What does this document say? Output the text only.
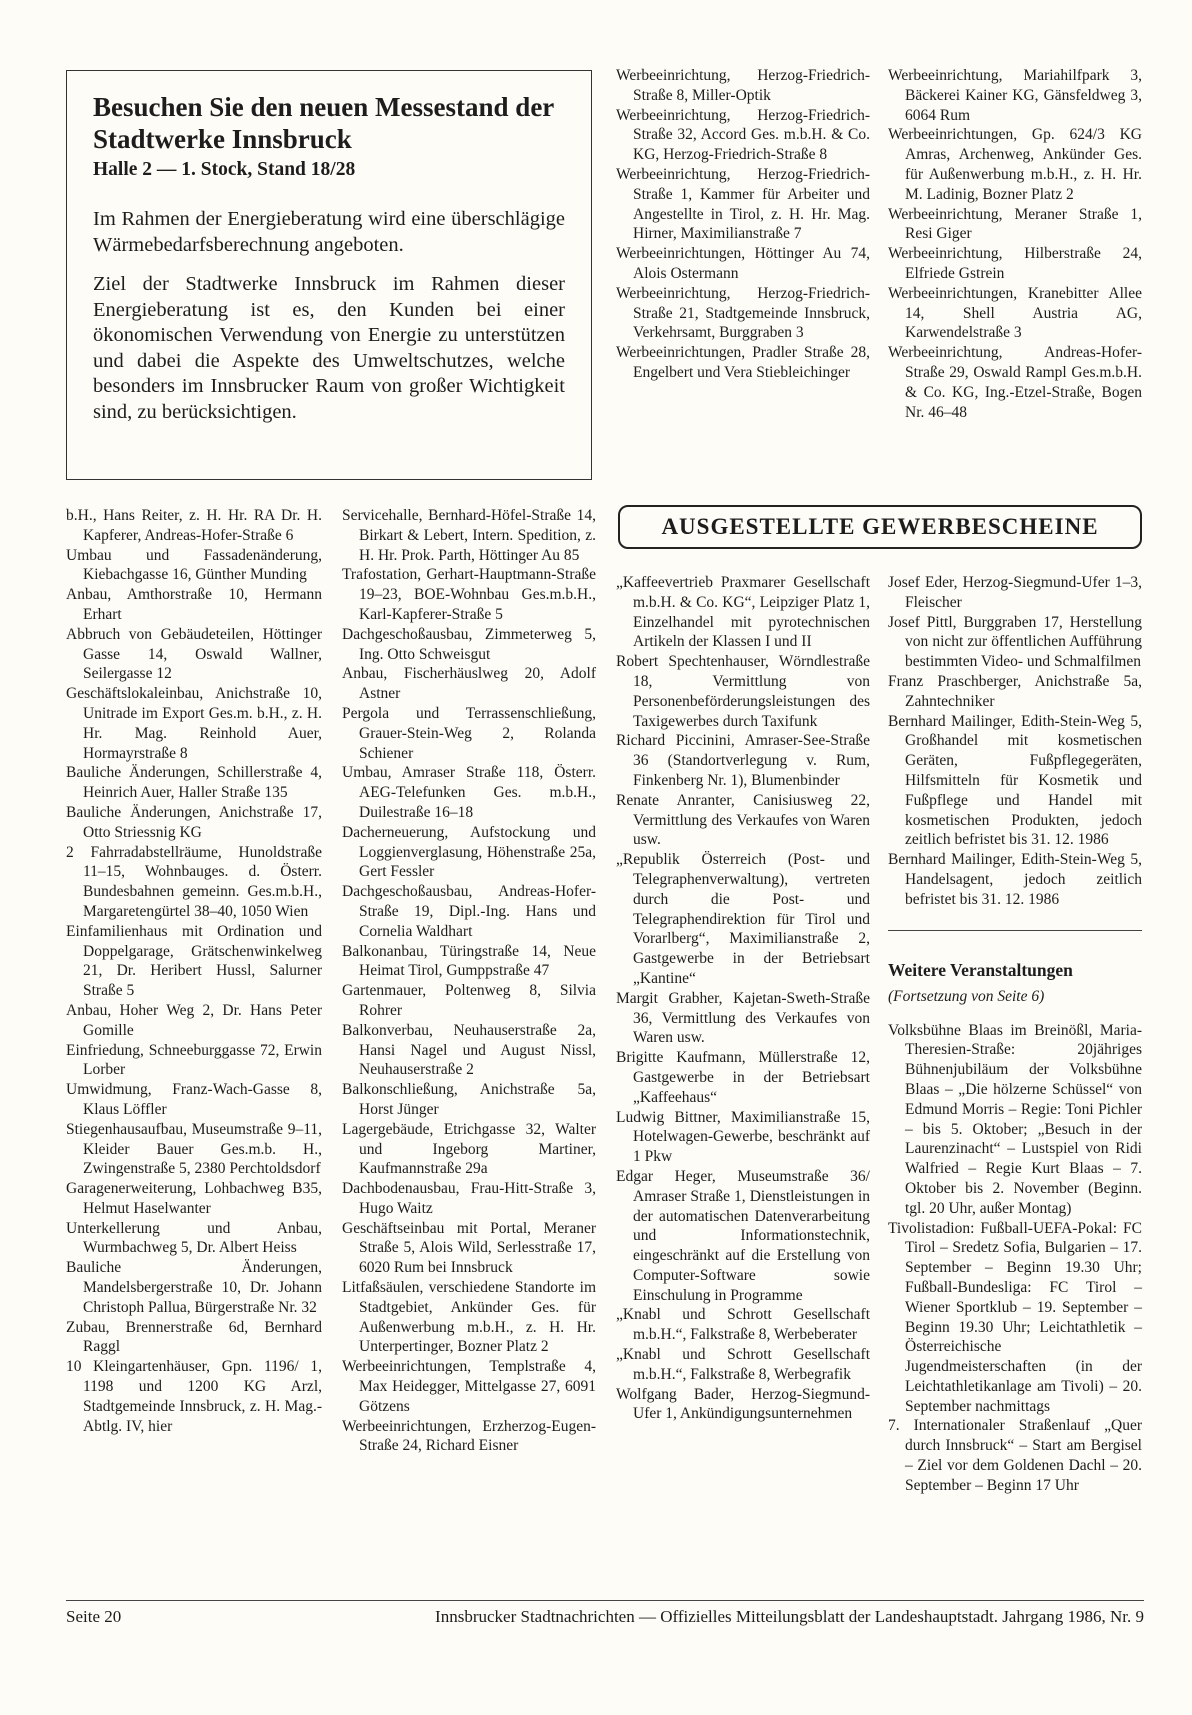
Besuchen Sie den neuen Messestand der Stadtwerke Innsbruck
Halle 2 — 1. Stock, Stand 18/28

Im Rahmen der Energieberatung wird eine überschlägige Wärmebedarfsberechnung angeboten.

Ziel der Stadtwerke Innsbruck im Rahmen dieser Energieberatung ist es, den Kunden bei einer ökonomischen Verwendung von Energie zu unterstützen und dabei die Aspekte des Umweltschutzes, welche besonders im Innsbrucker Raum von großer Wichtigkeit sind, zu berücksichtigen.

Werbeeinrichtung, Herzog-Friedrich-Straße 8, Miller-Optik
Werbeeinrichtung, Herzog-Friedrich-Straße 32, Accord Ges. m.b.H. & Co. KG, Herzog-Friedrich-Straße 8
Werbeeinrichtung, Herzog-Friedrich-Straße 1, Kammer für Arbeiter und Angestellte in Tirol, z. H. Hr. Mag. Hirner, Maximilianstraße 7
Werbeeinrichtungen, Höttinger Au 74, Alois Ostermann
Werbeeinrichtung, Herzog-Friedrich-Straße 21, Stadtgemeinde Innsbruck, Verkehrsamt, Burggraben 3
Werbeeinrichtungen, Pradler Straße 28, Engelbert und Vera Stiebleichinger
Werbeeinrichtung, Mariahilfpark 3, Bäckerei Kainer KG, Gänsfeldweg 3, 6064 Rum
Werbeeinrichtungen, Gp. 624/3 KG Amras, Archenweg, Ankünder Ges. für Außenwerbung m.b.H., z. H. Hr. M. Ladinig, Bozner Platz 2
Werbeeinrichtung, Meraner Straße 1, Resi Giger
Werbeeinrichtung, Hilberstraße 24, Elfriede Gstrein
Werbeeinrichtungen, Kranebitter Allee 14, Shell Austria AG, Karwendelstraße 3
Werbeeinrichtung, Andreas-Hofer-Straße 29, Oswald Rampl Ges.m.b.H. & Co. KG, Ing.-Etzel-Straße, Bogen Nr. 46–48
b.H., Hans Reiter, z. H. Hr. RA Dr. H. Kapferer, Andreas-Hofer-Straße 6
Umbau und Fassadenänderung, Kiebachgasse 16, Günther Munding
Anbau, Amthorstraße 10, Hermann Erhart
Abbruch von Gebäudeteilen, Höttinger Gasse 14, Oswald Wallner, Seilergasse 12
Geschäftslokaleinbau, Anichstraße 10, Unitrade im Export Ges.m. b.H., z. H. Hr. Mag. Reinhold Auer, Hormayrstraße 8
Bauliche Änderungen, Schillerstraße 4, Heinrich Auer, Haller Straße 135
Bauliche Änderungen, Anichstraße 17, Otto Striessnig KG
2 Fahrradabstellräume, Hunoldstraße 11–15, Wohnbauges. d. Österr. Bundesbahnen gemeinn. Ges.m.b.H., Margaretengürtel 38–40, 1050 Wien
Einfamilienhaus mit Ordination und Doppelgarage, Grätschenwinkelweg 21, Dr. Heribert Hussl, Salurner Straße 5
Anbau, Hoher Weg 2, Dr. Hans Peter Gomille
Einfriedung, Schneeburggasse 72, Erwin Lorber
Umwidmung, Franz-Wach-Gasse 8, Klaus Löffler
Stiegenhausaufbau, Museumstraße 9–11, Kleider Bauer Ges.m.b. H., Zwingenstraße 5, 2380 Perchtoldsdorf
Garagenerweiterung, Lohbachweg B35, Helmut Haselwanter
Unterkellerung und Anbau, Wurmbachweg 5, Dr. Albert Heiss
Bauliche Änderungen, Mandelsbergerstraße 10, Dr. Johann Christoph Pallua, Bürgerstraße Nr. 32
Zubau, Brennerstraße 6d, Bernhard Raggl
10 Kleingartenhäuser, Gpn. 1196/ 1, 1198 und 1200 KG Arzl, Stadtgemeinde Innsbruck, z. H. Mag.-Abtlg. IV, hier
Servicehalle, Bernhard-Höfel-Straße 14, Birkart & Lebert, Intern. Spedition, z. H. Hr. Prok. Parth, Höttinger Au 85
Trafostation, Gerhart-Hauptmann-Straße 19–23, BOE-Wohnbau Ges.m.b.H., Karl-Kapferer-Straße 5
Dachgeschoßausbau, Zimmeterweg 5, Ing. Otto Schweisgut
Anbau, Fischerhäuslweg 20, Adolf Astner
Pergola und Terrassenschließung, Grauer-Stein-Weg 2, Rolanda Schiener
Umbau, Amraser Straße 118, Österr. AEG-Telefunken Ges. m.b.H., Duilestraße 16–18
Dacherneuerung, Aufstockung und Loggienverglasung, Höhenstraße 25a, Gert Fessler
Dachgeschoßausbau, Andreas-Hofer-Straße 19, Dipl.-Ing. Hans und Cornelia Waldhart
Balkonanbau, Türingstraße 14, Neue Heimat Tirol, Gumppstraße 47
Gartenmauer, Poltenweg 8, Silvia Rohrer
Balkonverbau, Neuhauserstraße 2a, Hansi Nagel und August Nissl, Neuhauserstraße 2
Balkonschließung, Anichstraße 5a, Horst Jünger
Lagergebäude, Etrichgasse 32, Walter und Ingeborg Martiner, Kaufmannstraße 29a
Dachbodenausbau, Frau-Hitt-Straße 3, Hugo Waitz
Geschäftseinbau mit Portal, Meraner Straße 5, Alois Wild, Serlesstraße 17, 6020 Rum bei Innsbruck
Litfaßsäulen, verschiedene Standorte im Stadtgebiet, Ankünder Ges. für Außenwerbung m.b.H., z. H. Hr. Unterpertinger, Bozner Platz 2
Werbeeinrichtungen, Templstraße 4, Max Heidegger, Mittelgasse 27, 6091 Götzens
Werbeeinrichtungen, Erzherzog-Eugen-Straße 24, Richard Eisner
AUSGESTELLTE GEWERBESCHEINE
„Kaffeevertrieb Praxmarer Gesellschaft m.b.H. & Co. KG“, Leipziger Platz 1, Einzelhandel mit pyrotechnischen Artikeln der Klassen I und II
Robert Spechtenhauser, Wörndlestraße 18, Vermittlung von Personenbeförderungsleistungen des Taxigewerbes durch Taxifunk
Richard Piccinini, Amraser-See-Straße 36 (Standortverlegung v. Rum, Finkenberg Nr. 1), Blumenbinder
Renate Anranter, Canisiusweg 22, Vermittlung des Verkaufes von Waren usw.
„Republik Österreich (Post- und Telegraphenverwaltung), vertreten durch die Post- und Telegraphendirektion für Tirol und Vorarlberg“, Maximilianstraße 2, Gastgewerbe in der Betriebsart „Kantine“
Margit Grabher, Kajetan-Sweth-Straße 36, Vermittlung des Verkaufes von Waren usw.
Brigitte Kaufmann, Müllerstraße 12, Gastgewerbe in der Betriebsart „Kaffeehaus“
Ludwig Bittner, Maximilianstraße 15, Hotelwagen-Gewerbe, beschränkt auf 1 Pkw
Edgar Heger, Museumstraße 36/ Amraser Straße 1, Dienstleistungen in der automatischen Datenverarbeitung und Informationstechnik, eingeschränkt auf die Erstellung von Computer-Software sowie Einschulung in Programme
„Knabl und Schrott Gesellschaft m.b.H.“, Falkstraße 8, Werbeberater
„Knabl und Schrott Gesellschaft m.b.H.“, Falkstraße 8, Werbegrafik
Wolfgang Bader, Herzog-Siegmund-Ufer 1, Ankündigungsunternehmen
Josef Eder, Herzog-Siegmund-Ufer 1–3, Fleischer
Josef Pittl, Burggraben 17, Herstellung von nicht zur öffentlichen Aufführung bestimmten Video- und Schmalfilmen
Franz Praschberger, Anichstraße 5a, Zahntechniker
Bernhard Mailinger, Edith-Stein-Weg 5, Großhandel mit kosmetischen Geräten, Fußpflegegeräten, Hilfsmitteln für Kosmetik und Fußpflege und Handel mit kosmetischen Produkten, jedoch zeitlich befristet bis 31. 12. 1986
Bernhard Mailinger, Edith-Stein-Weg 5, Handelsagent, jedoch zeitlich befristet bis 31. 12. 1986
Weitere Veranstaltungen

(Fortsetzung von Seite 6)

Volksbühne Blaas im Breinößl, Maria-Theresien-Straße: 20jähriges Bühnenjubiläum der Volksbühne Blaas – „Die hölzerne Schüssel“ von Edmund Morris – Regie: Toni Pichler – bis 5. Oktober; „Besuch in der Laurenzinacht“ – Lustspiel von Ridi Walfried – Regie Kurt Blaas – 7. Oktober bis 2. November (Beginn. tgl. 20 Uhr, außer Montag)
Tivolistadion: Fußball-UEFA-Pokal: FC Tirol – Sredetz Sofia, Bulgarien – 17. September – Beginn 19.30 Uhr; Fußball-Bundesliga: FC Tirol – Wiener Sportklub – 19. September – Beginn 19.30 Uhr; Leichtathletik – Österreichische Jugendmeisterschaften (in der Leichtathletikanlage am Tivoli) – 20. September nachmittags
7. Internationaler Straßenlauf „Quer durch Innsbruck“ – Start am Bergisel – Ziel vor dem Goldenen Dachl – 20. September – Beginn 17 Uhr
Seite 20	Innsbrucker Stadtnachrichten — Offizielles Mitteilungsblatt der Landeshauptstadt. Jahrgang 1986, Nr. 9
